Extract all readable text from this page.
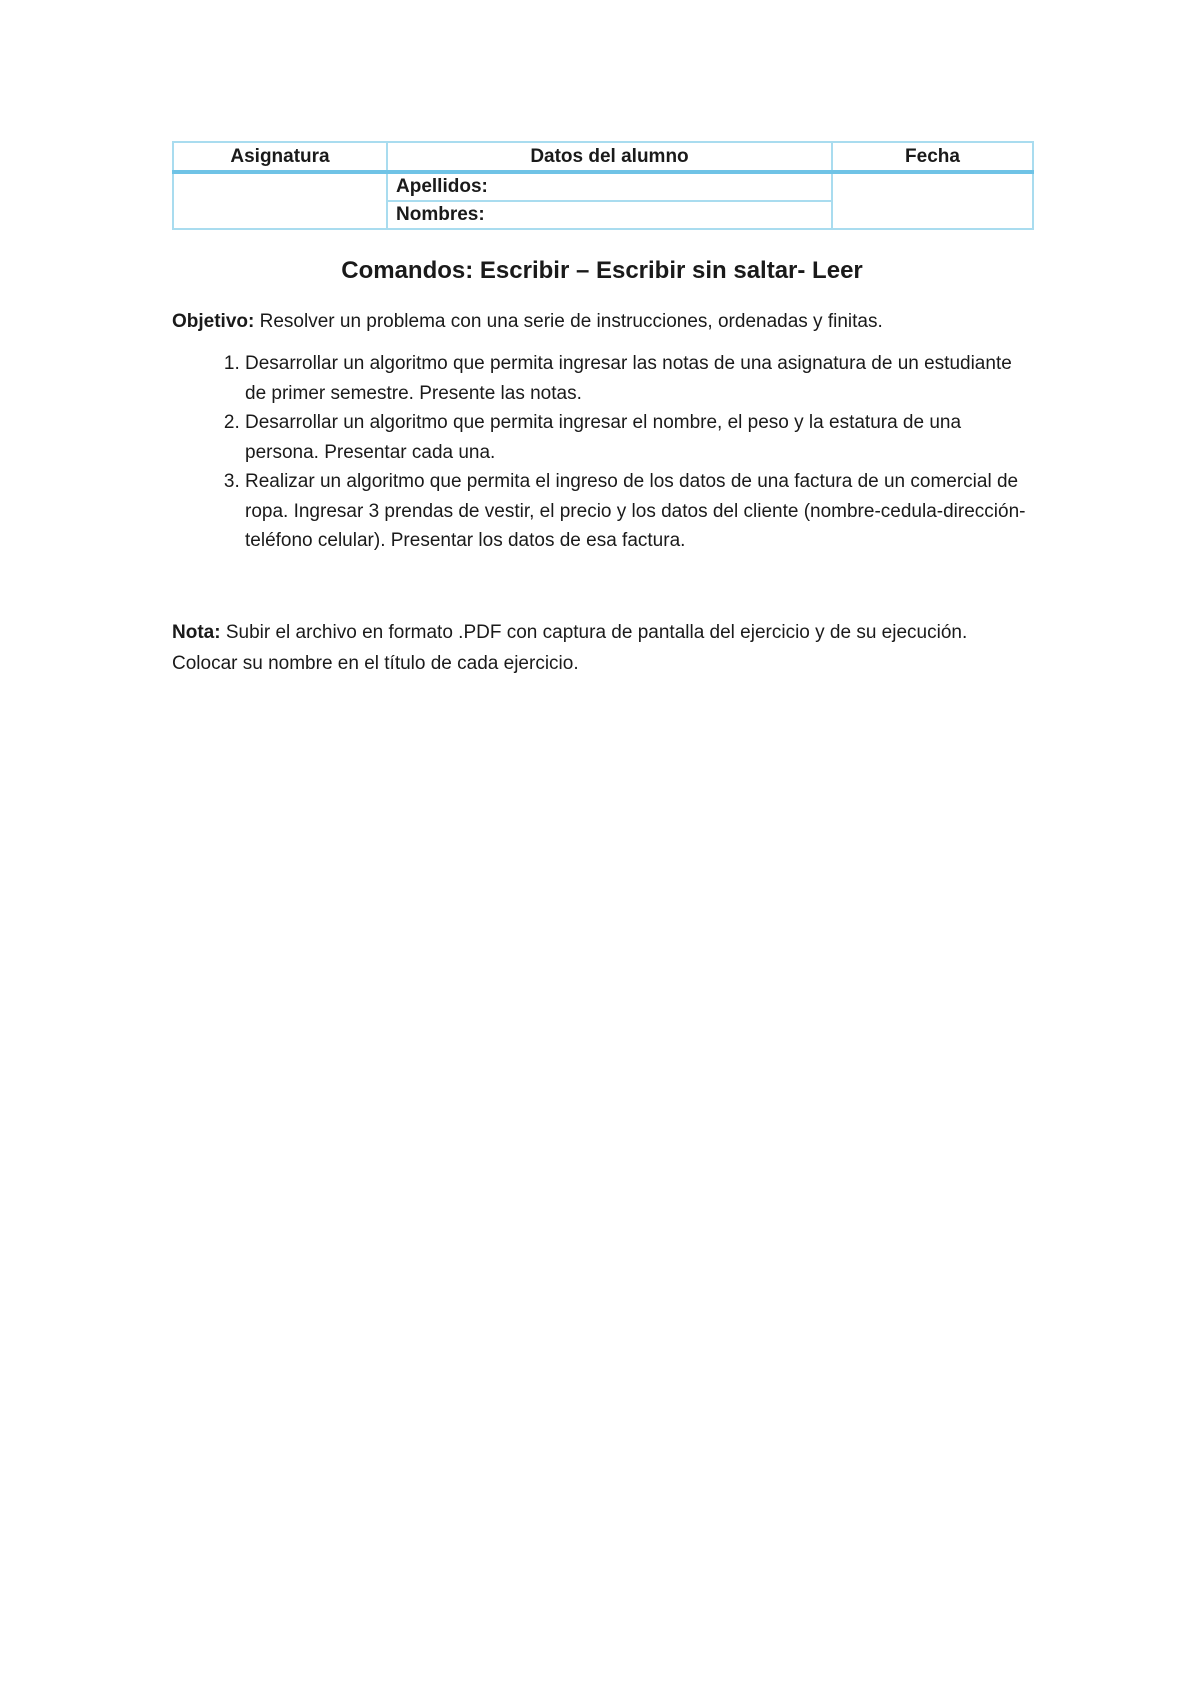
Asignatura	Datos del alumno	Fecha
	Apellidos:	
	Nombres:	
Comandos: Escribir – Escribir sin saltar- Leer
Objetivo: Resolver un problema con una serie de instrucciones, ordenadas y finitas.
1. Desarrollar un algoritmo que permita ingresar las notas de una asignatura de un estudiante de primer semestre. Presente las notas.
2. Desarrollar un algoritmo que permita ingresar el nombre, el peso y la estatura de una persona. Presentar cada una.
3. Realizar un algoritmo que permita el ingreso de los datos de una factura de un comercial de ropa. Ingresar 3 prendas de vestir, el precio y los datos del cliente (nombre-cedula-dirección-teléfono celular). Presentar los datos de esa factura.
Nota: Subir el archivo en formato .PDF con captura de pantalla del ejercicio y de su ejecución. Colocar su nombre en el título de cada ejercicio.
